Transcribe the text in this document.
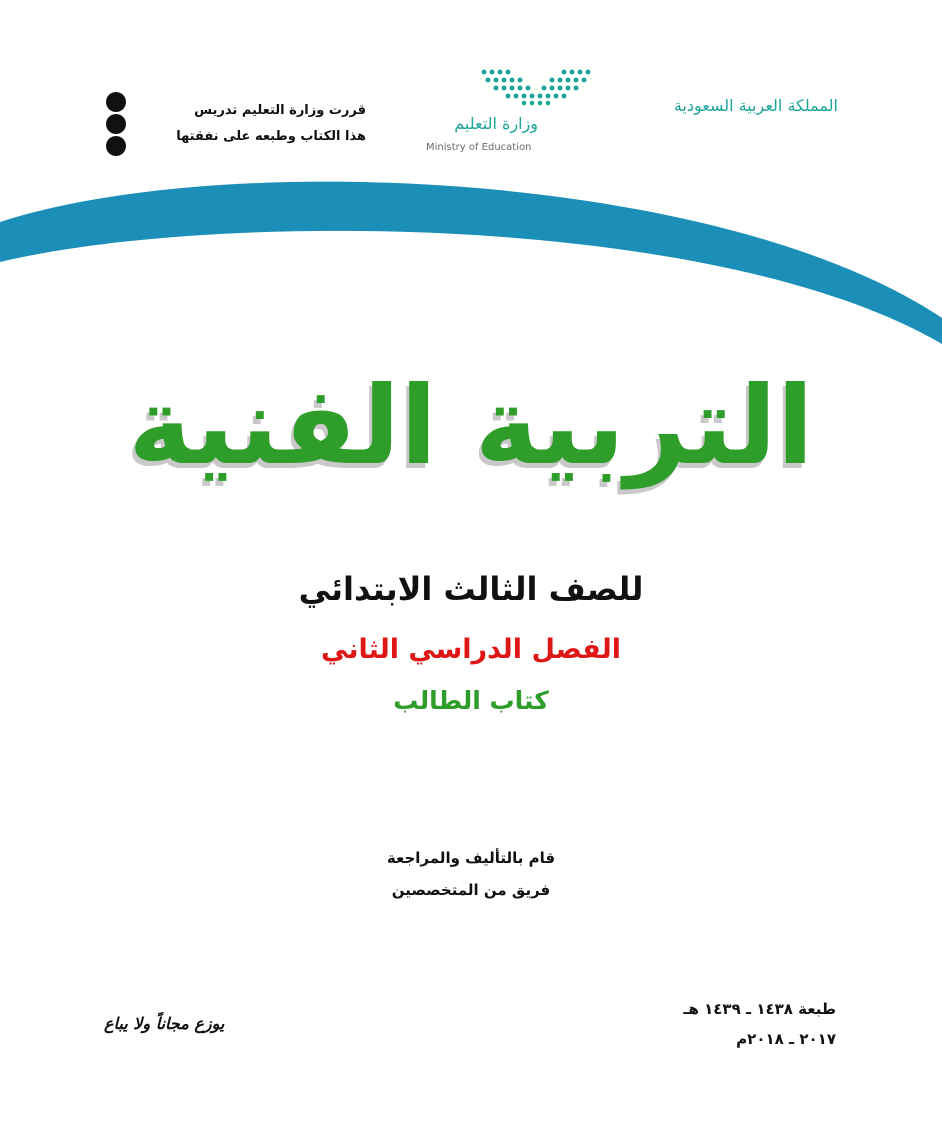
المملكة العربية السعودية
وزارة التعليم
Ministry of Education
قررت وزارة التعليم تدريس
هذا الكتاب وطبعه على نفقتها
التربية الفنية
للصف الثالث الابتدائي
الفصل الدراسي الثاني
كتاب الطالب
قام بالتأليف والمراجعة
فريق من المتخصصين
طبعة ١٤٣٨ ـ ١٤٣٩ هـ
٢٠١٧ ـ ٢٠١٨م
يوزع مجاناً ولا يباع
